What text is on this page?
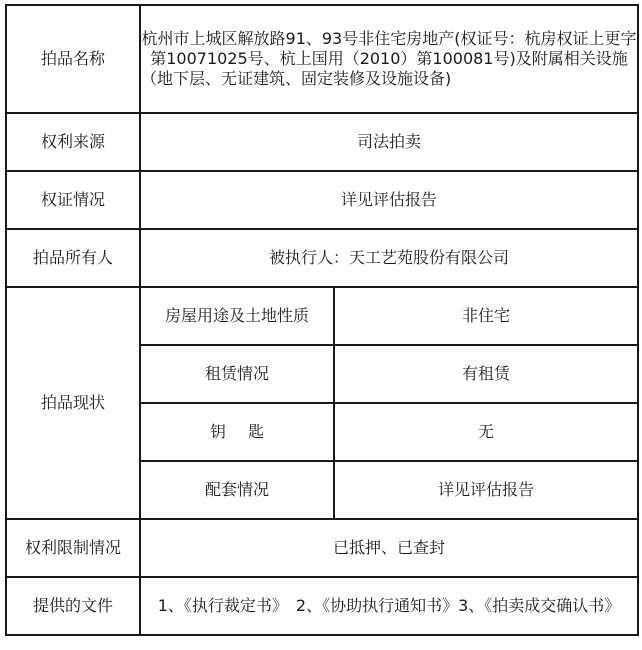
拍品名称	杭州市上城区解放路91、93号非住宅房地产(权证号：杭房权证上更字第10071025号、杭上国用（2010）第100081号)及附属相关设施（地下层、无证建筑、固定装修及设施设备)	
权利来源	司法拍卖	
权证情况	详见评估报告	
拍品所有人	被执行人：天工艺苑股份有限公司	
拍品现状	房屋用途及土地性质	非住宅
	租赁情况	有租赁
	钥 匙	无
	配套情况	详见评估报告
权利限制情况	已抵押、已查封	
提供的文件	1、《执行裁定书》　2、《协助执行通知书》3、《拍卖成交确认书》	
